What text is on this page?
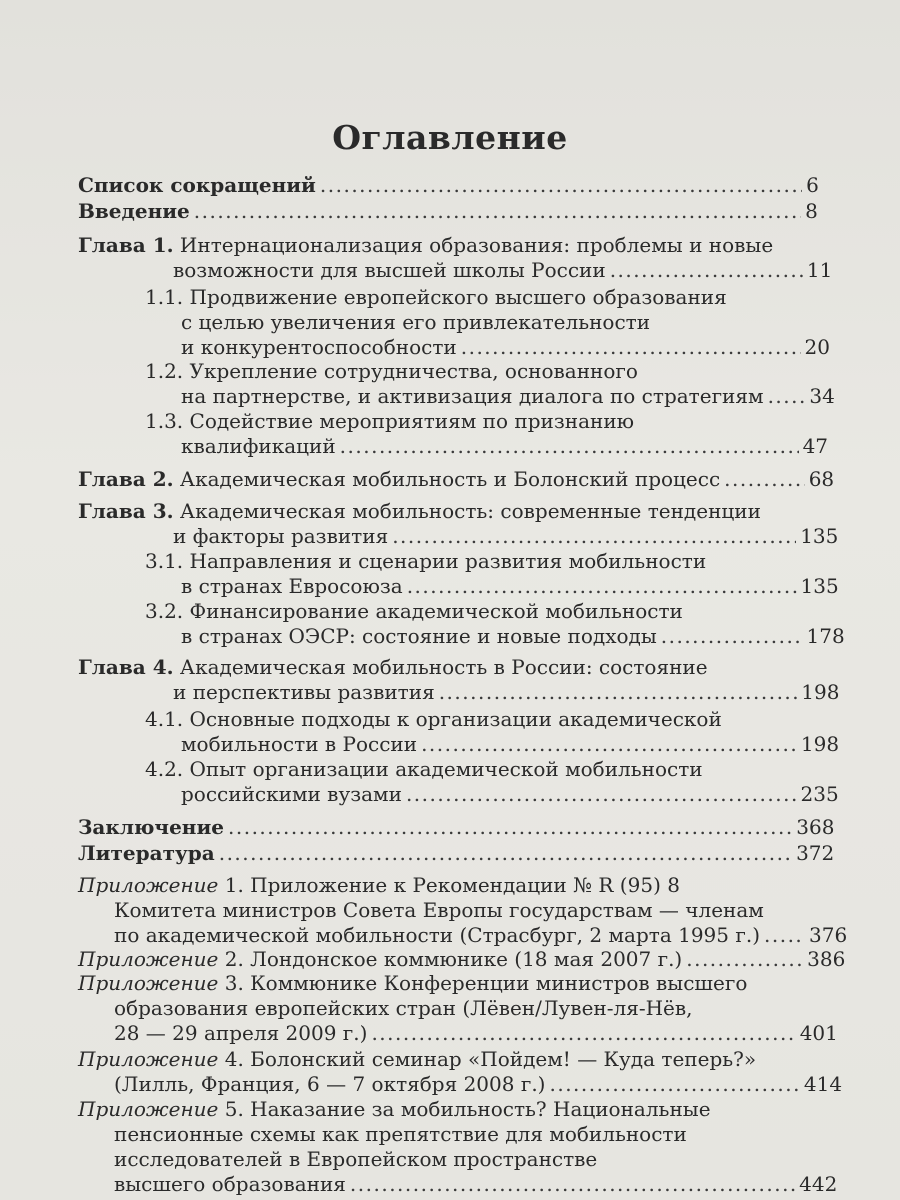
Оглавление
Список сокращений .....	6
Введение .....	8
Глава 1. Интернационализация образования: проблемы и новые
возможности для высшей школы России .....	11
1.1. Продвижение европейского высшего образования
с целью увеличения его привлекательности
и конкурентоспособности .....	20
1.2. Укрепление сотрудничества, основанного
на партнерстве, и активизация диалога по стратегиям ..... 34
1.3. Содействие мероприятиям по признанию
квалификаций .....	47
Глава 2. Академическая мобильность и Болонский процесс .....	68
Глава 3. Академическая мобильность: современные тенденции
и факторы развития .....	135
3.1. Направления и сценарии развития мобильности
в странах Евросоюза .....	135
3.2. Финансирование академической мобильности
в странах ОЭСР: состояние и новые подходы .....	178
Глава 4. Академическая мобильность в России: состояние
и перспективы развития .....	198
4.1. Основные подходы к организации академической
мобильности в России .....	198
4.2. Опыт организации академической мобильности
российскими вузами .....	235
Заключение .....	368
Литература .....	372
Приложение 1. Приложение к Рекомендации № R (95) 8
Комитета министров Совета Европы государствам — членам
по академической мобильности (Страсбург, 2 марта 1995 г.) ..... 376
Приложение 2. Лондонское коммюнике (18 мая 2007 г.) .....	386
Приложение 3. Коммюнике Конференции министров высшего
образования европейских стран (Лёвен/Лувен-ля-Нёв,
28 — 29 апреля 2009 г.) .....	401
Приложение 4. Болонский семинар «Пойдем! — Куда теперь?»
(Лилль, Франция, 6 — 7 октября 2008 г.) .....	414
Приложение 5. Наказание за мобильность? Национальные
пенсионные схемы как препятствие для мобильности
исследователей в Европейском пространстве
высшего образования .....	442
